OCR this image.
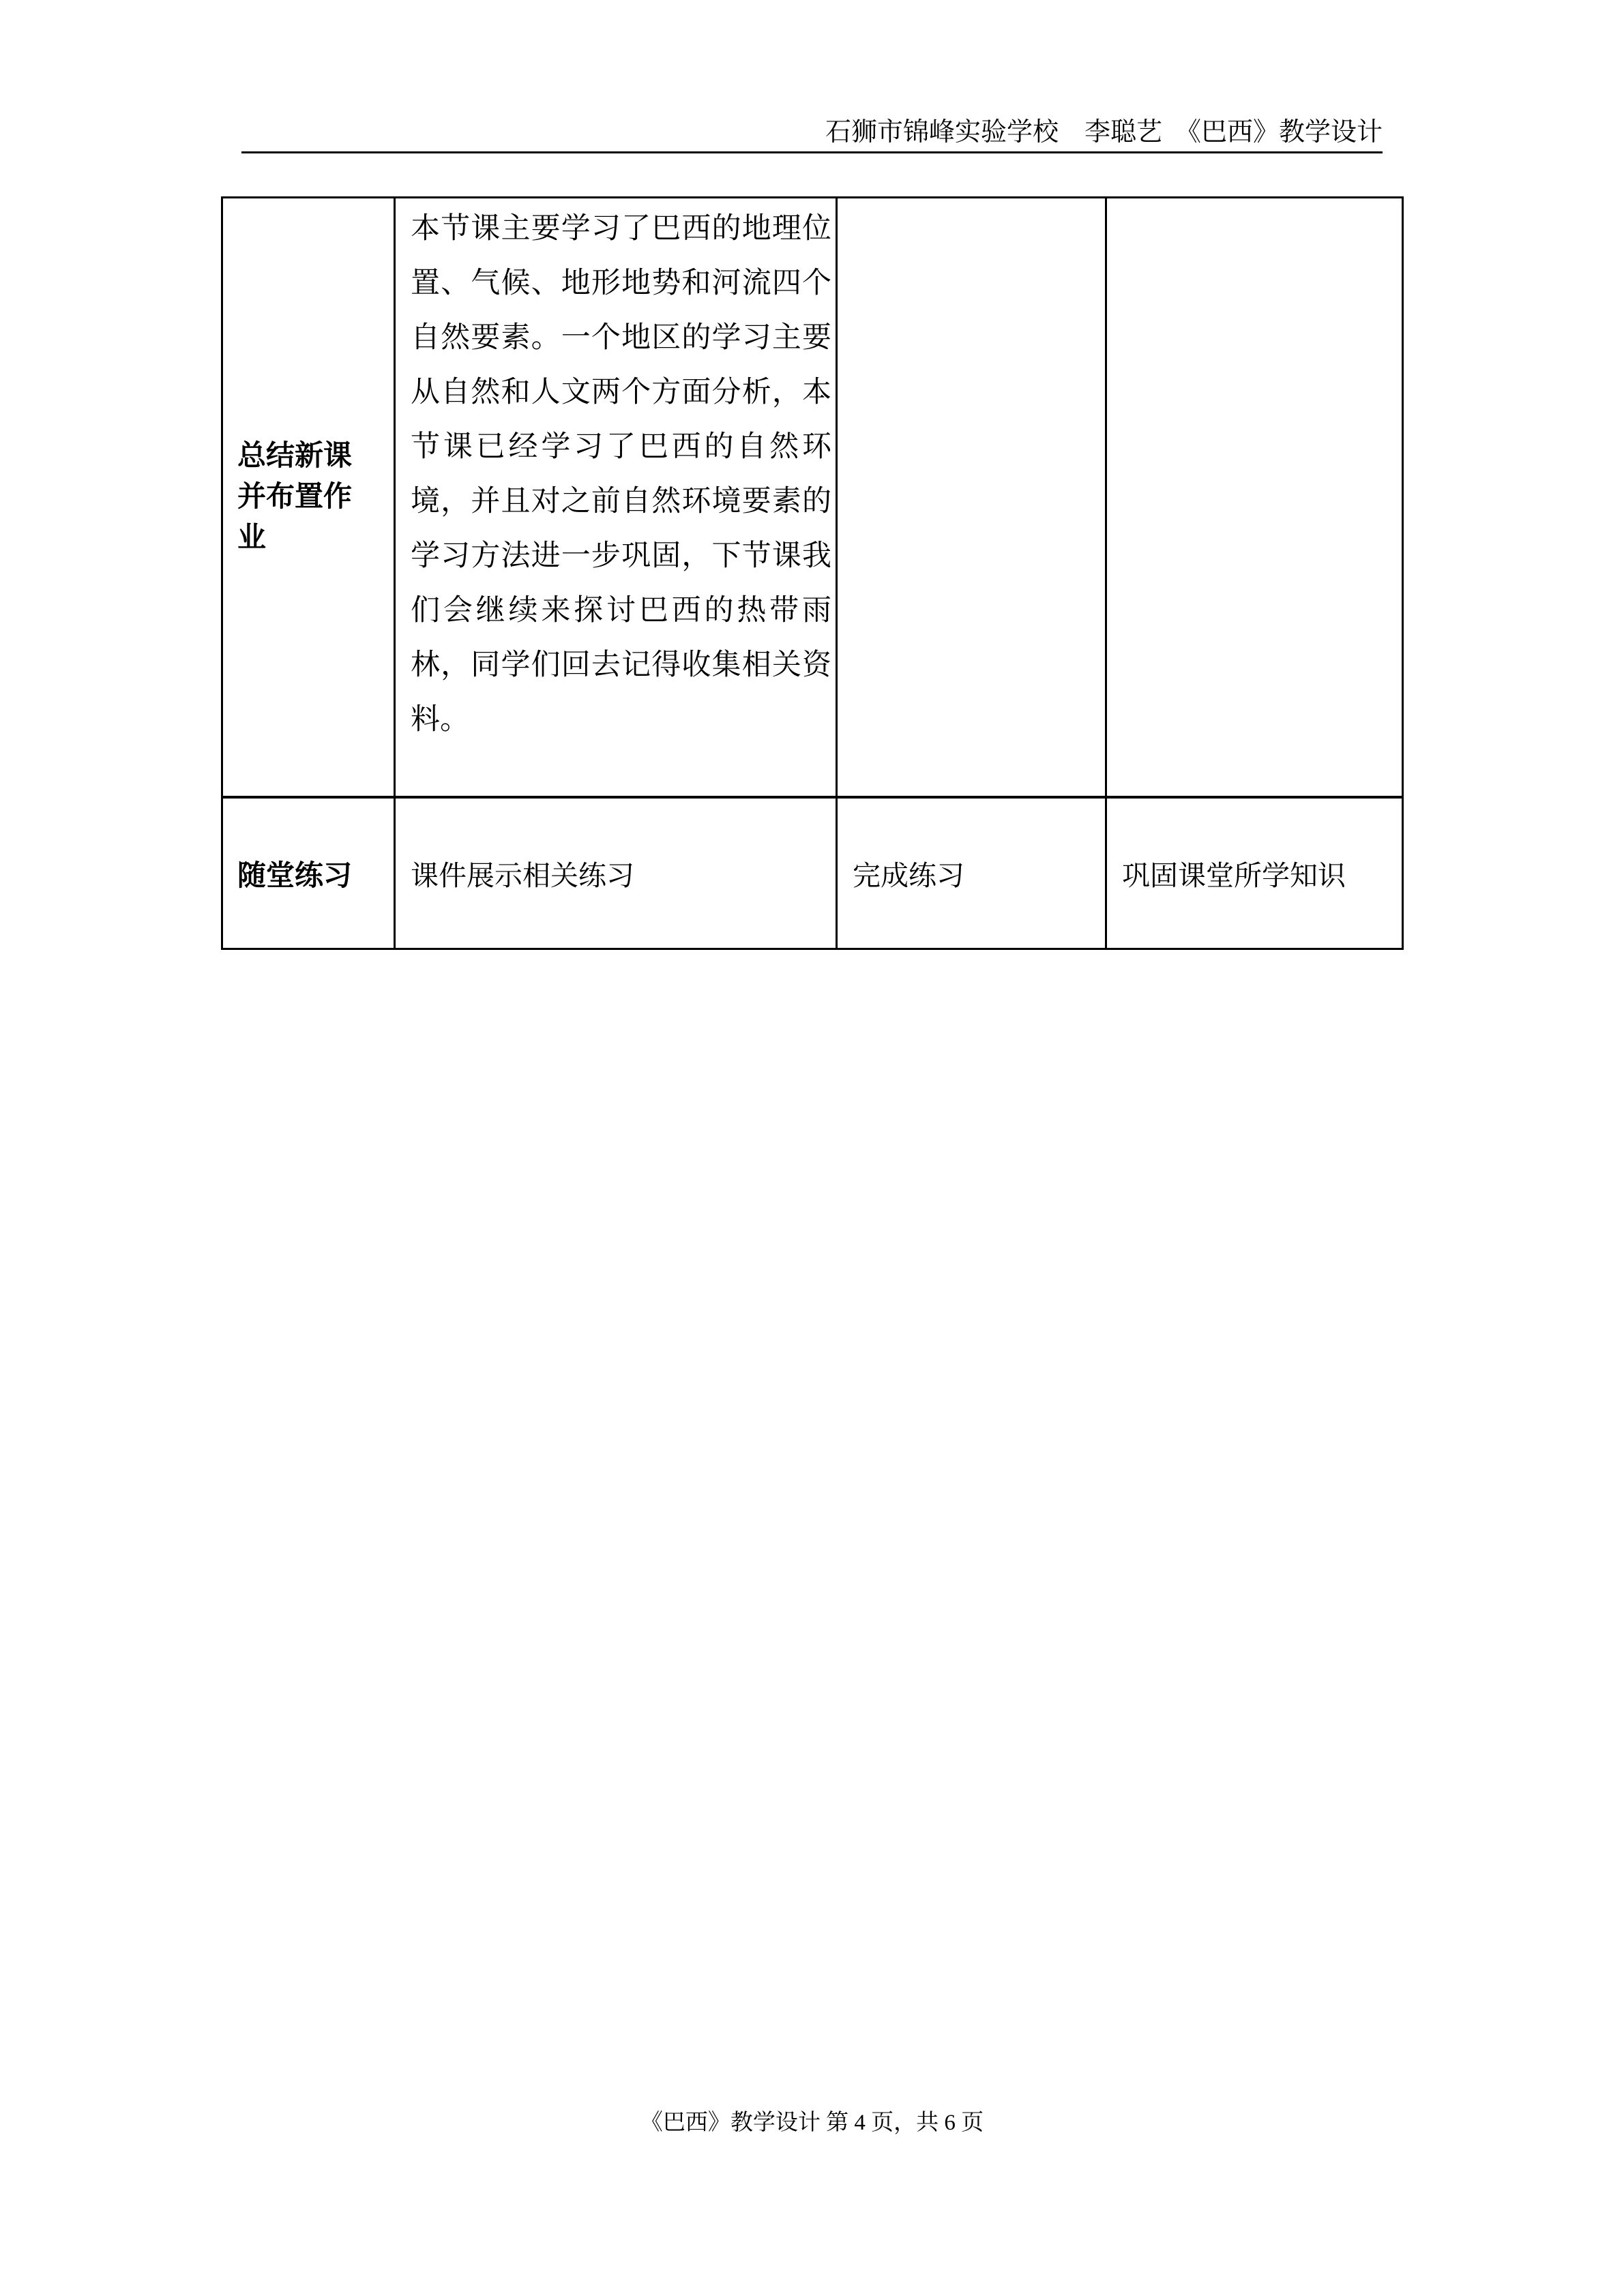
石狮市锦峰实验学校　李聪艺　《巴西》教学设计
总结新课并布置作业
本节课主要学习了巴西的地理位置、气候、地形地势和河流四个自然要素。一个地区的学习主要从自然和人文两个方面分析，本节课已经学习了巴西的自然环境，并且对之前自然环境要素的学习方法进一步巩固，下节课我们会继续来探讨巴西的热带雨林，同学们回去记得收集相关资料。
随堂练习 课件展示相关练习	完成练习	巩固课堂所学知识
《巴西》教学设计 第 4 页，共 6 页
